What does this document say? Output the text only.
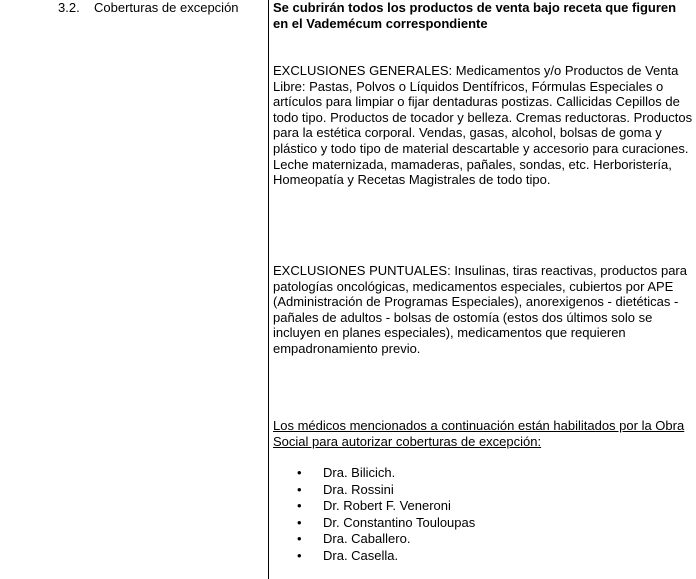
3.2. Coberturas de excepción	Se cubrirán todos los productos de venta bajo receta que figuren en el Vademécum correspondiente

EXCLUSIONES GENERALES: Medicamentos y/o Productos de Venta Libre: Pastas, Polvos o Líquidos Dentífricos, Fórmulas Especiales o artículos para limpiar o fijar dentaduras postizas. Callicidas Cepillos de todo tipo. Productos de tocador y belleza. Cremas reductoras. Productos para la estética corporal. Vendas, gasas, alcohol, bolsas de goma y plástico y todo tipo de material descartable y accesorio para curaciones. Leche maternizada, mamaderas, pañales, sondas, etc. Herboristería, Homeopatía y Recetas Magistrales de todo tipo.

EXCLUSIONES PUNTUALES: Insulinas, tiras reactivas, productos para patologías oncológicas, medicamentos especiales, cubiertos por APE (Administración de Programas Especiales), anorexigenos - dietéticas - pañales de adultos - bolsas de ostomía (estos dos últimos solo se incluyen en planes especiales), medicamentos que requieren empadronamiento previo.

Los médicos mencionados a continuación están habilitados por la Obra Social para autorizar coberturas de excepción:

• Dra. Bilicich.
• Dra. Rossini
• Dr. Robert F. Veneroni
• Dr. Constantino Touloupas
• Dra. Caballero.
• Dra. Casella.
